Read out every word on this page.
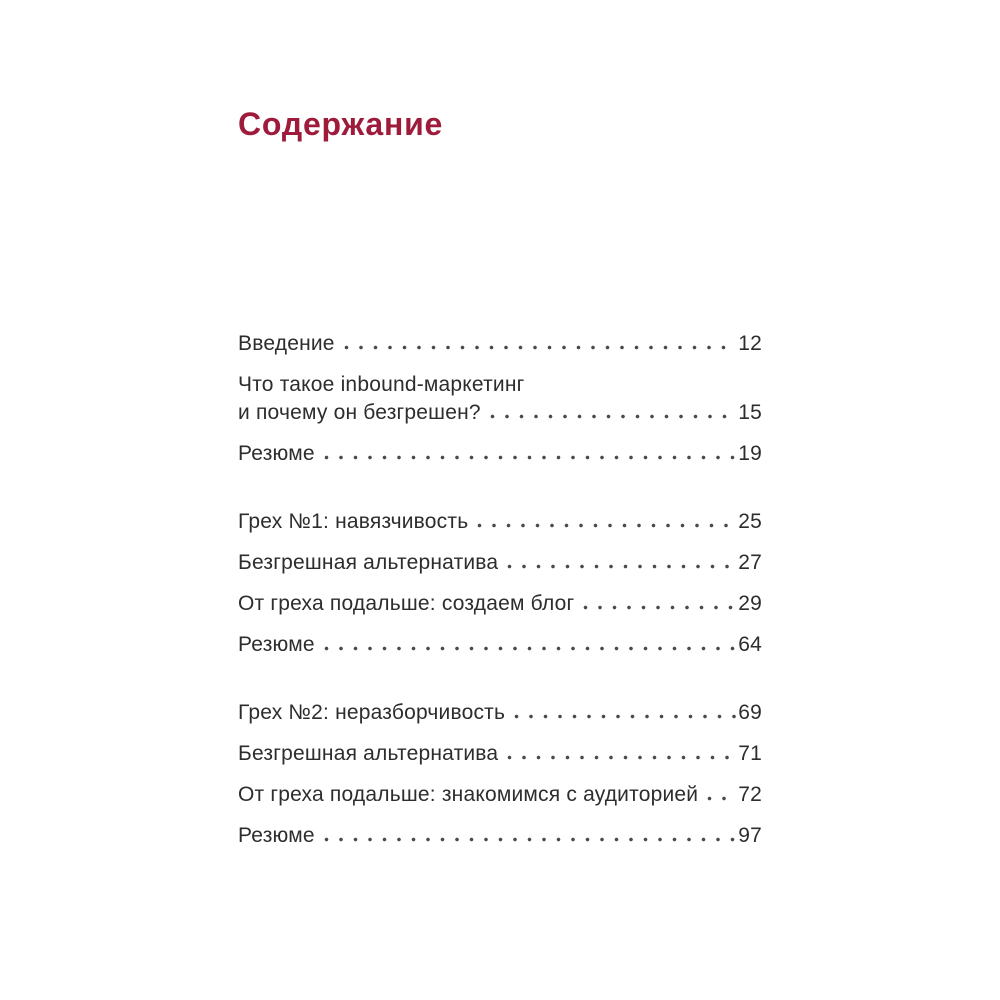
Содержание
Введение	12
Что такое inbound-маркетинг
и почему он безгрешен?	15
Резюме	19
Грех №1: навязчивость	25
Безгрешная альтернатива	27
От греха подальше: создаем блог	29
Резюме	64
Грех №2: неразборчивость	69
Безгрешная альтернатива	71
От греха подальше: знакомимся с аудиторией 72
Резюме	97
